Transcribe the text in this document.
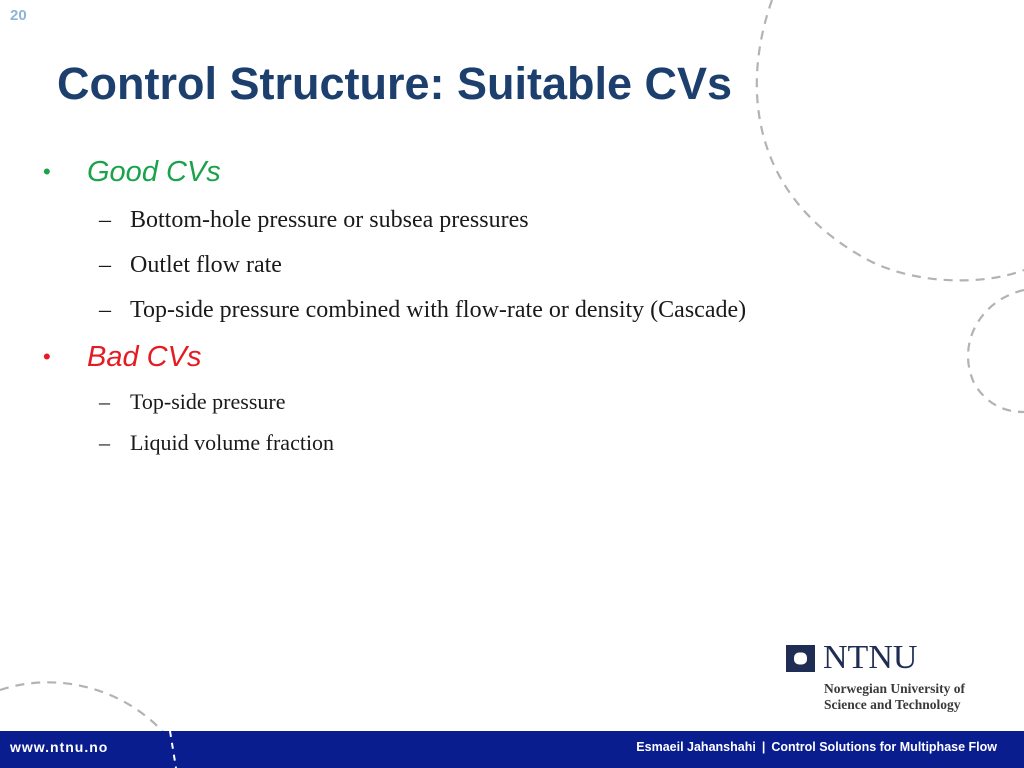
20
Control Structure: Suitable CVs
•	Good CVs
– Bottom-hole pressure or subsea pressures
– Outlet flow rate
– Top-side pressure combined with flow-rate or density (Cascade)
•	Bad CVs
– Top-side pressure
– Liquid volume fraction
NTNU
Norwegian University of
Science and Technology
www.ntnu.no	Esmaeil Jahanshahi | Control Solutions for Multiphase Flow
